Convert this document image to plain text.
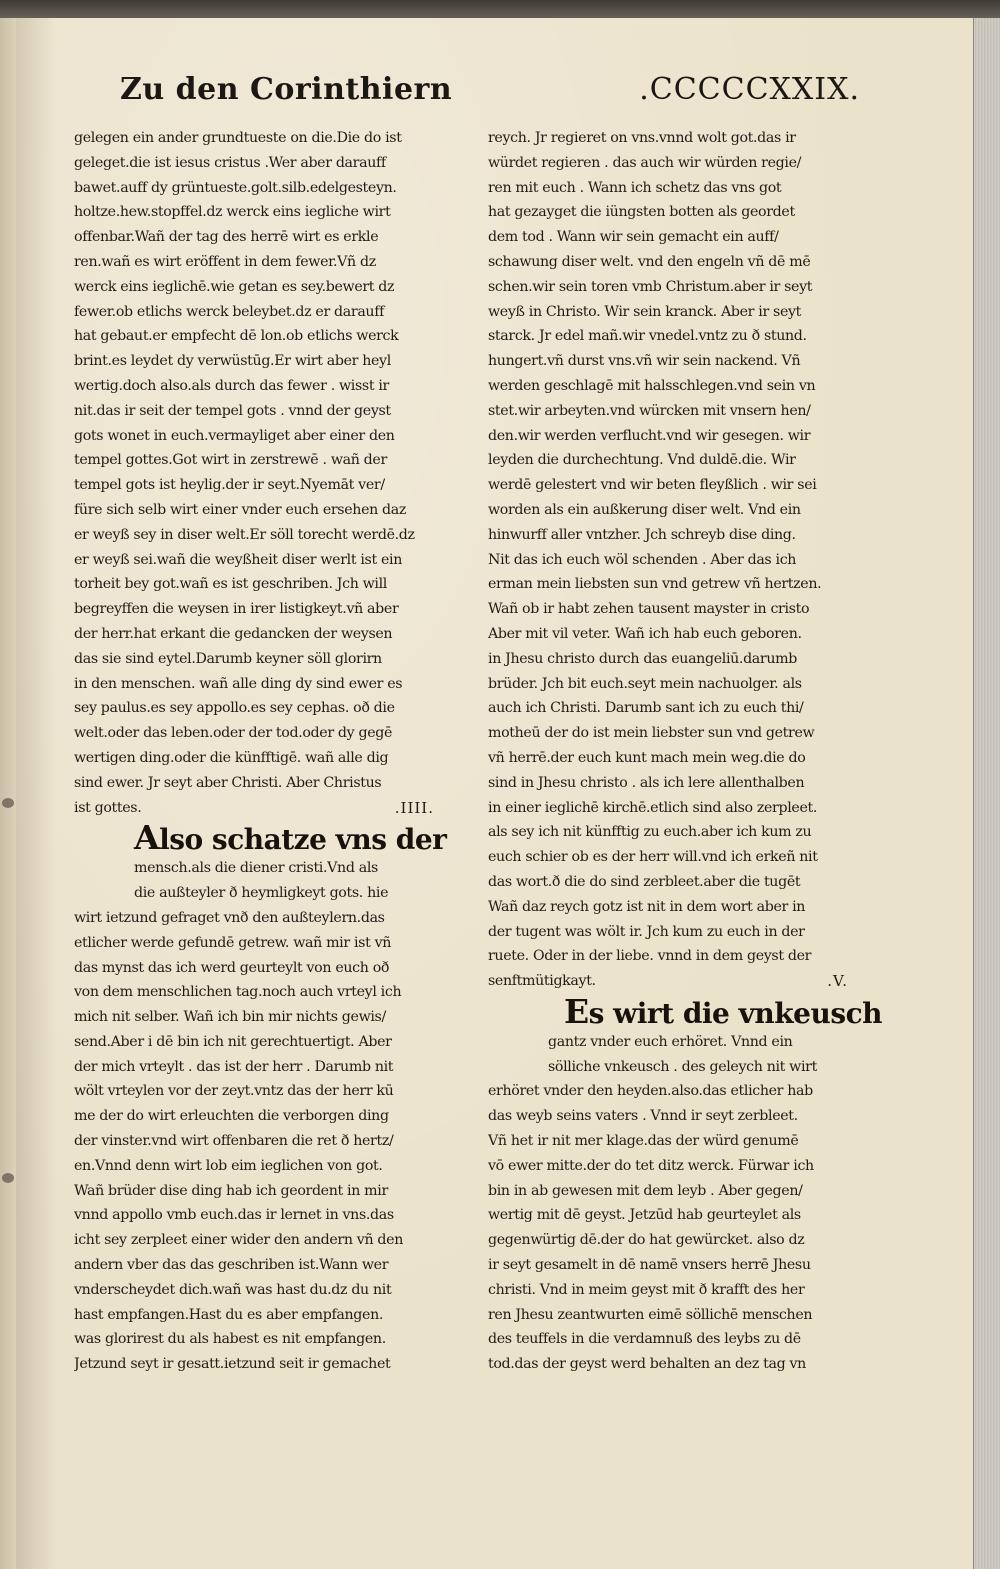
Zu den Corinthiern	.CCCCCXXIX.
gelegen ein ander grundtueste on die.Die do ist
geleget.die ist iesus cristus .Wer aber darauff
bawet.auff dy grüntueste.golt.silb.edelgesteyn.
holtze.hew.stopffel.dz werck eins iegliche wirt
offenbar.Wañ der tag des herrē wirt es erkle
ren.wañ es wirt eröffent in dem fewer.Vñ dz
werck eins ieglichē.wie getan es sey.bewert dz
fewer.ob etlichs werck beleybet.dz er darauff
hat gebaut.er empfecht dē lon.ob etlichs werck
brint.es leydet dy verwüstūg.Er wirt aber heyl
wertig.doch also.als durch das fewer . wisst ir
nit.das ir seit der tempel gots . vnnd der geyst
gots wonet in euch.vermayliget aber einer den
tempel gottes.Got wirt in zerstrewē . wañ der
tempel gots ist heylig.der ir seyt.Nyemāt ver/
füre sich selb wirt einer vnder euch ersehen daz
er weyß sey in diser welt.Er söll torecht werdē.dz
er weyß sei.wañ die weyßheit diser werlt ist ein
torheit bey got.wañ es ist geschriben. Jch will
begreyffen die weysen in irer listigkeyt.vñ aber
der herr.hat erkant die gedancken der weysen
das sie sind eytel.Darumb keyner söll glorirn
in den menschen. wañ alle ding dy sind ewer es
sey paulus.es sey appollo.es sey cephas. oð die
welt.oder das leben.oder der tod.oder dy gegē
wertigen ding.oder die künfftigē. wañ alle dig
sind ewer. Jr seyt aber Christi. Aber Christus
ist gottes.	.IIII.
Also schatze vns der
mensch.als die diener cristi.Vnd als
die außteyler ð heymligkeyt gots. hie
wirt ietzund gefraget vnð den außteylern.das
etlicher werde gefundē getrew. wañ mir ist vñ
das mynst das ich werd geurteylt von euch oð
von dem menschlichen tag.noch auch vrteyl ich
mich nit selber. Wañ ich bin mir nichts gewis/
send.Aber i dē bin ich nit gerechtuertigt. Aber
der mich vrteylt . das ist der herr . Darumb nit
wölt vrteylen vor der zeyt.vntz das der herr kū
me der do wirt erleuchten die verborgen ding
der vinster.vnd wirt offenbaren die ret ð hertz/
en.Vnnd denn wirt lob eim ieglichen von got.
Wañ brüder dise ding hab ich geordent in mir
vnnd appollo vmb euch.das ir lernet in vns.das
icht sey zerpleet einer wider den andern vñ den
andern vber das das geschriben ist.Wann wer
vnderscheydet dich.wañ was hast du.dz du nit
hast empfangen.Hast du es aber empfangen.
was glorirest du als habest es nit empfangen.
Jetzund seyt ir gesatt.ietzund seit ir gemachet
reych. Jr regieret on vns.vnnd wolt got.das ir
würdet regieren . das auch wir würden regie/
ren mit euch . Wann ich schetz das vns got
hat gezayget die iüngsten botten als geordet
dem tod . Wann wir sein gemacht ein auff/
schawung diser welt. vnd den engeln vñ dē mē
schen.wir sein toren vmb Christum.aber ir seyt
weyß in Christo. Wir sein kranck. Aber ir seyt
starck. Jr edel mañ.wir vnedel.vntz zu ð stund.
hungert.vñ durst vns.vñ wir sein nackend. Vñ
werden geschlagē mit halsschlegen.vnd sein vn
stet.wir arbeyten.vnd würcken mit vnsern hen/
den.wir werden verflucht.vnd wir gesegen. wir
leyden die durchechtung. Vnd duldē.die. Wir
werdē gelestert vnd wir beten fleyßlich . wir sei
worden als ein außkerung diser welt. Vnd ein
hinwurff aller vntzher. Jch schreyb dise ding.
Nit das ich euch wöl schenden . Aber das ich
erman mein liebsten sun vnd getrew vñ hertzen.
Wañ ob ir habt zehen tausent mayster in cristo
Aber mit vil veter. Wañ ich hab euch geboren.
in Jhesu christo durch das euangeliū.darumb
brüder. Jch bit euch.seyt mein nachuolger. als
auch ich Christi. Darumb sant ich zu euch thi/
motheū der do ist mein liebster sun vnd getrew
vñ herrē.der euch kunt mach mein weg.die do
sind in Jhesu christo . als ich lere allenthalben
in einer ieglichē kirchē.etlich sind also zerpleet.
als sey ich nit künfftig zu euch.aber ich kum zu
euch schier ob es der herr will.vnd ich erkeñ nit
das wort.ð die do sind zerbleet.aber die tugēt
Wañ daz reych gotz ist nit in dem wort aber in
der tugent was wölt ir. Jch kum zu euch in der
ruete. Oder in der liebe. vnnd in dem geyst der
senftmütigkayt.	.V.
Es wirt die vnkeusch
gantz vnder euch erhöret. Vnnd ein
sölliche vnkeusch . des geleych nit wirt
erhöret vnder den heyden.also.das etlicher hab
das weyb seins vaters . Vnnd ir seyt zerbleet.
Vñ het ir nit mer klage.das der würd genumē
vō ewer mitte.der do tet ditz werck. Fürwar ich
bin in ab gewesen mit dem leyb . Aber gegen/
wertig mit dē geyst. Jetzūd hab geurteylet als
gegenwürtig dē.der do hat gewürcket. also dz
ir seyt gesamelt in dē namē vnsers herrē Jhesu
christi. Vnd in meim geyst mit ð krafft des her
ren Jhesu zeantwurten eimē söllichē menschen
des teuffels in die verdamnuß des leybs zu dē
tod.das der geyst werd behalten an dez tag vn
